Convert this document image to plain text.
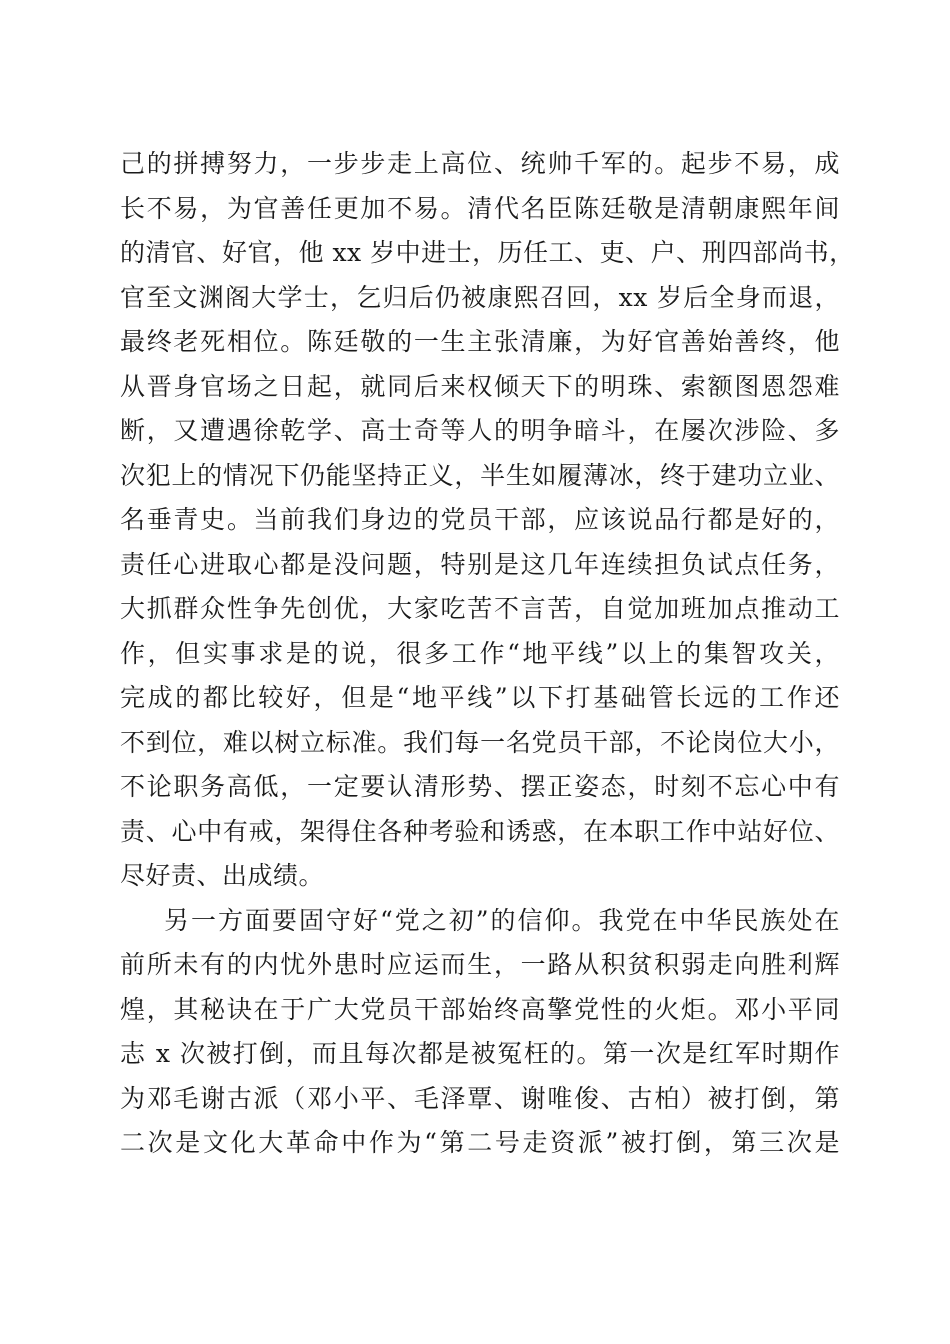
己的拼搏努力，一步步走上高位、统帅千军的。起步不易，成
长不易，为官善任更加不易。清代名臣陈廷敬是清朝康熙年间
的清官、好官，他 xx 岁中进士，历任工、吏、户、刑四部尚书，
官至文渊阁大学士，乞归后仍被康熙召回，xx 岁后全身而退，
最终老死相位。陈廷敬的一生主张清廉，为好官善始善终，他
从晋身官场之日起，就同后来权倾天下的明珠、索额图恩怨难
断，又遭遇徐乾学、高士奇等人的明争暗斗，在屡次涉险、多
次犯上的情况下仍能坚持正义，半生如履薄冰，终于建功立业、
名垂青史。当前我们身边的党员干部，应该说品行都是好的，
责任心进取心都是没问题，特别是这几年连续担负试点任务，
大抓群众性争先创优，大家吃苦不言苦，自觉加班加点推动工
作，但实事求是的说，很多工作“地平线”以上的集智攻关，
完成的都比较好，但是“地平线”以下打基础管长远的工作还
不到位，难以树立标准。我们每一名党员干部，不论岗位大小，
不论职务高低，一定要认清形势、摆正姿态，时刻不忘心中有
责、心中有戒，架得住各种考验和诱惑，在本职工作中站好位、
尽好责、出成绩。
另一方面要固守好“党之初”的信仰。我党在中华民族处在
前所未有的内忧外患时应运而生，一路从积贫积弱走向胜利辉
煌，其秘诀在于广大党员干部始终高擎党性的火炬。邓小平同
志 x 次被打倒，而且每次都是被冤枉的。第一次是红军时期作
为邓毛谢古派（邓小平、毛泽覃、谢唯俊、古柏）被打倒，第
二次是文化大革命中作为“第二号走资派”被打倒，第三次是
